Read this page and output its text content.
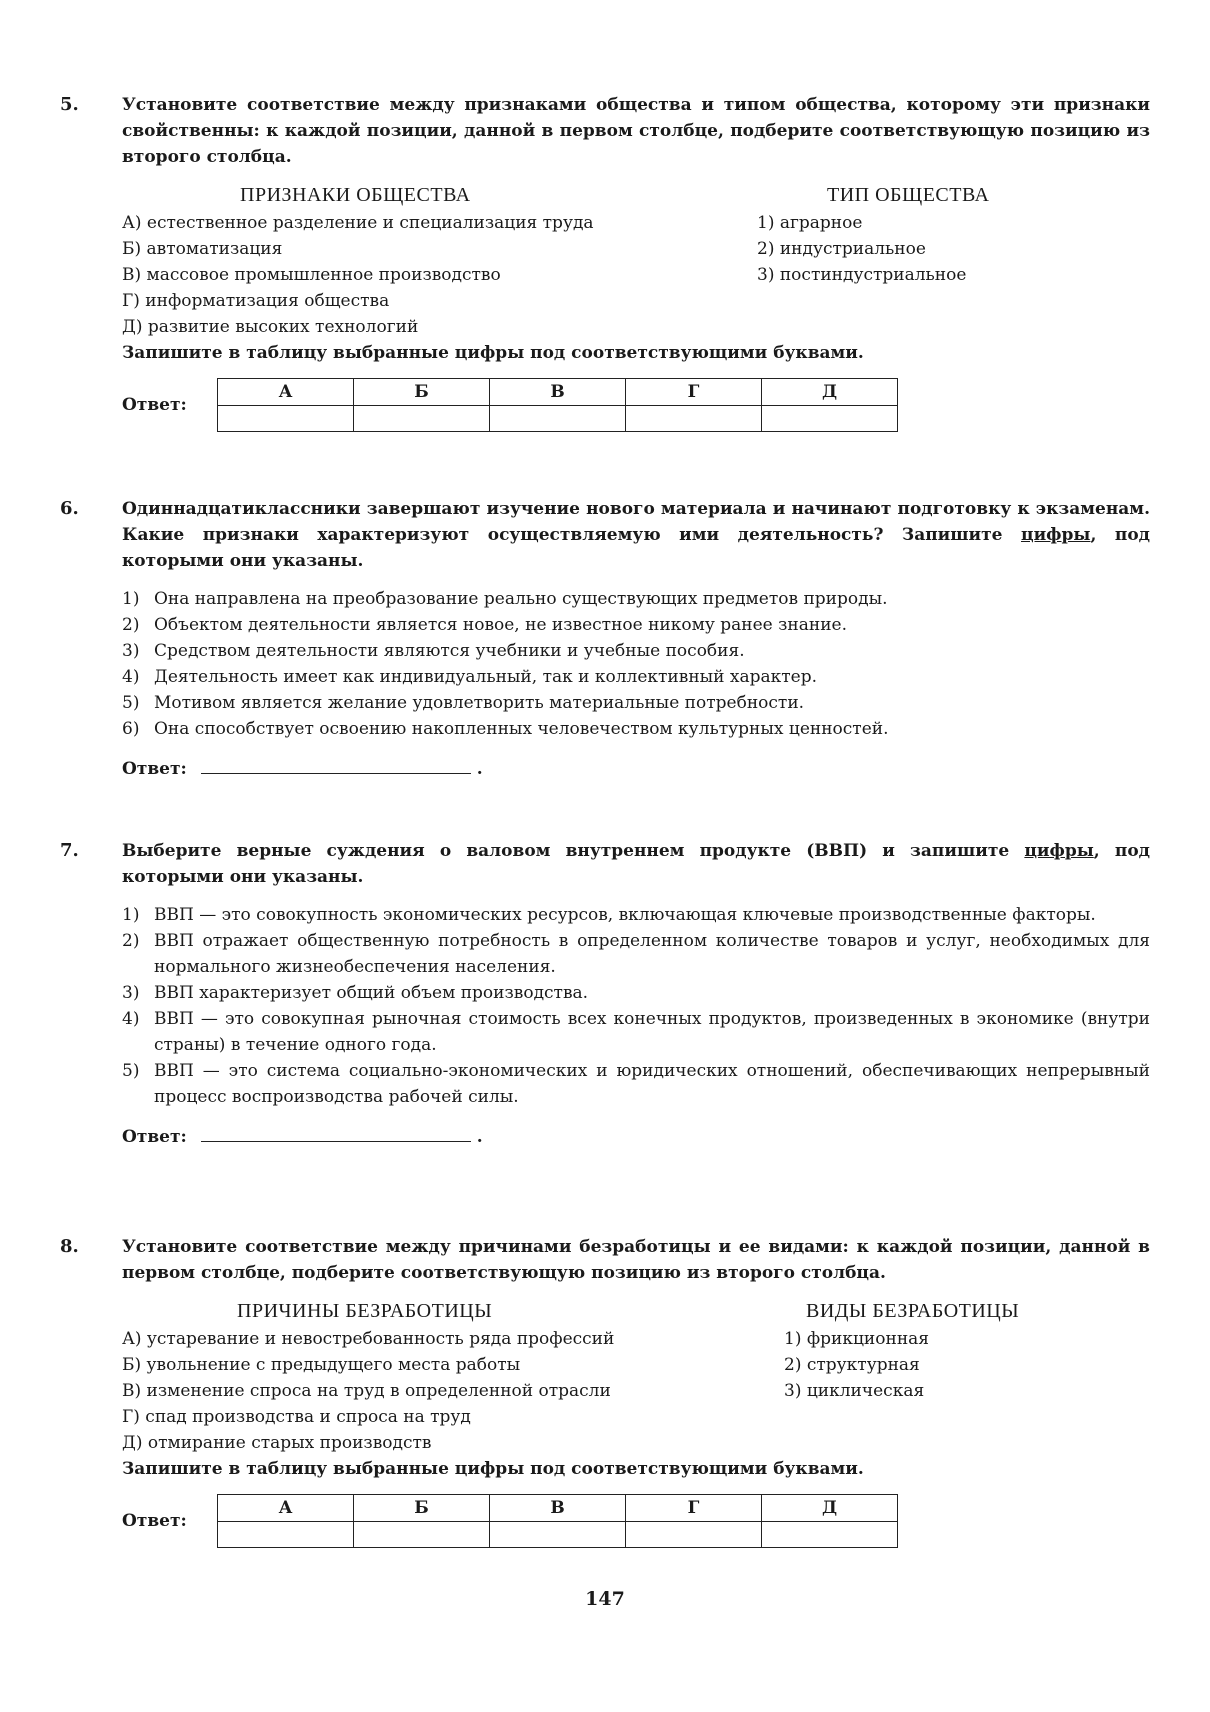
5.	Установите соответствие между признаками общества и типом общества, которому эти признаки свойственны: к каждой позиции, данной в первом столбце, подберите соответствующую позицию из второго столбца.
ПРИЗНАКИ ОБЩЕСТВА
А) естественное разделение и специализация труда
Б) автоматизация
В) массовое промышленное производство
Г) информатизация общества
Д) развитие высоких технологий
ТИП ОБЩЕСТВА
1) аграрное
2) индустриальное
3) постиндустриальное
Запишите в таблицу выбранные цифры под соответствующими буквами.
Ответ:
А	Б	В	Г	Д

6.	Одиннадцатиклассники завершают изучение нового материала и начинают подготовку к экзаменам. Какие признаки характеризуют осуществляемую ими деятельность? Запишите цифры, под которыми они указаны.
1) Она направлена на преобразование реально существующих предметов природы.
2) Объектом деятельности является новое, не известное никому ранее знание.
3) Средством деятельности являются учебники и учебные пособия.
4) Деятельность имеет как индивидуальный, так и коллективный характер.
5) Мотивом является желание удовлетворить материальные потребности.
6) Она способствует освоению накопленных человечеством культурных ценностей.
Ответ:	.
7.	Выберите верные суждения о валовом внутреннем продукте (ВВП) и запишите цифры, под которыми они указаны.
1) ВВП — это совокупность экономических ресурсов, включающая ключевые производственные факторы.
2) ВВП отражает общественную потребность в определенном количестве товаров и услуг, необходимых для нормального жизнеобеспечения населения.
3) ВВП характеризует общий объем производства.
4) ВВП — это совокупная рыночная стоимость всех конечных продуктов, произведенных в экономике (внутри страны) в течение одного года.
5) ВВП — это система социально-экономических и юридических отношений, обеспечивающих непрерывный процесс воспроизводства рабочей силы.
Ответ:	.
8.	Установите соответствие между причинами безработицы и ее видами: к каждой позиции, данной в первом столбце, подберите соответствующую позицию из второго столбца.
ПРИЧИНЫ БЕЗРАБОТИЦЫ
А) устаревание и невостребованность ряда профессий
Б) увольнение с предыдущего места работы
В) изменение спроса на труд в определенной отрасли
Г) спад производства и спроса на труд
Д) отмирание старых производств
ВИДЫ БЕЗРАБОТИЦЫ
1) фрикционная
2) структурная
3) циклическая
Запишите в таблицу выбранные цифры под соответствующими буквами.
Ответ:
А	Б	В	Г	Д

147
